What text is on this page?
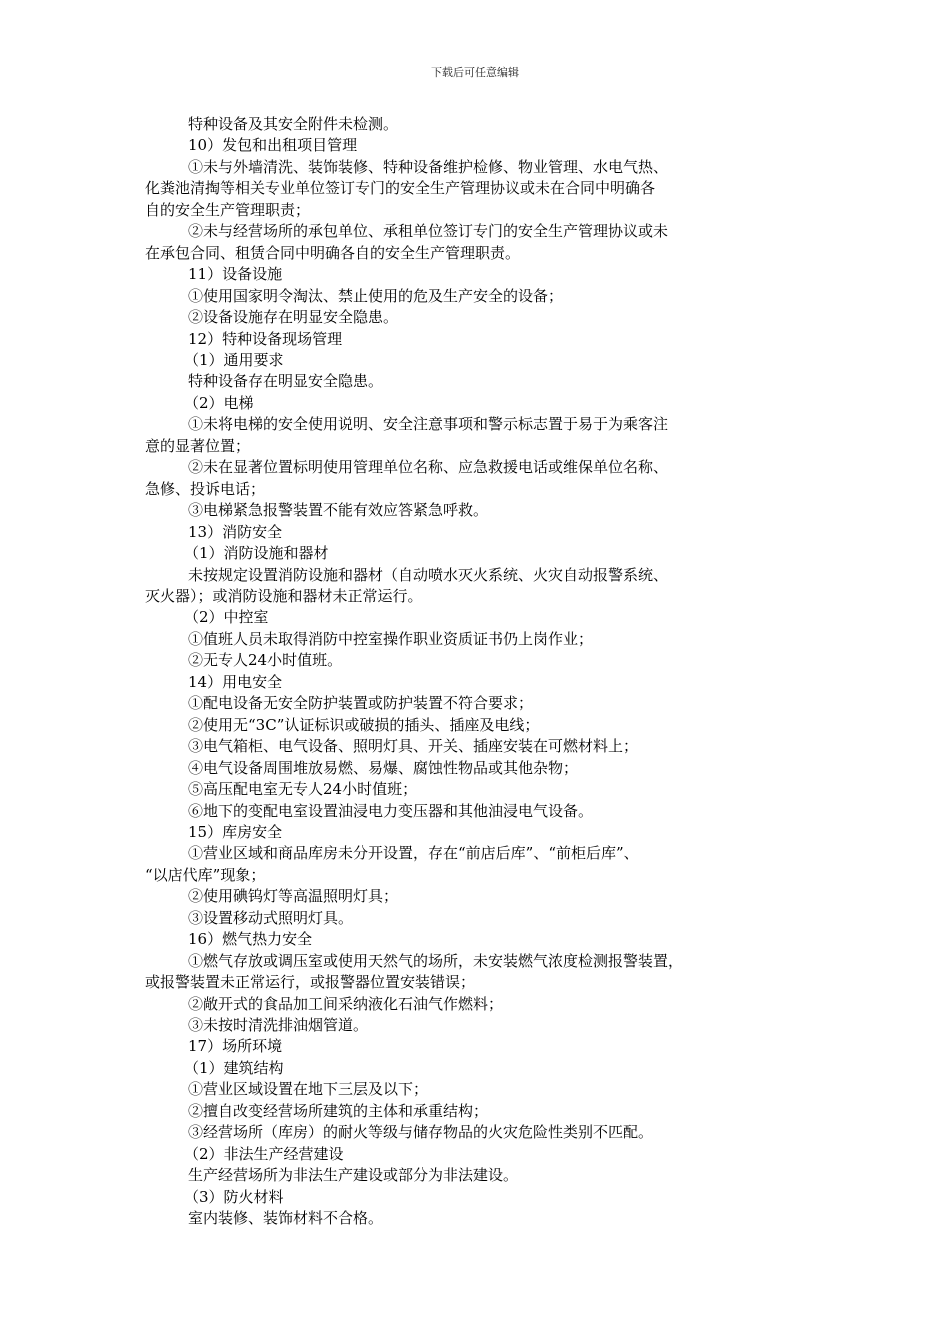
下载后可任意编辑
特种设备及其安全附件未检测。
10）发包和出租项目管理
①未与外墙清洗、装饰装修、特种设备维护检修、物业管理、水电气热、
化粪池清掏等相关专业单位签订专门的安全生产管理协议或未在合同中明确各
自的安全生产管理职责；
②未与经营场所的承包单位、承租单位签订专门的安全生产管理协议或未
在承包合同、租赁合同中明确各自的安全生产管理职责。
11）设备设施
①使用国家明令淘汰、禁止使用的危及生产安全的设备；
②设备设施存在明显安全隐患。
12）特种设备现场管理
（1）通用要求
特种设备存在明显安全隐患。
（2）电梯
①未将电梯的安全使用说明、安全注意事项和警示标志置于易于为乘客注
意的显著位置；
②未在显著位置标明使用管理单位名称、应急救援电话或维保单位名称、
急修、投诉电话；
③电梯紧急报警装置不能有效应答紧急呼救。
13）消防安全
（1）消防设施和器材
未按规定设置消防设施和器材（自动喷水灭火系统、火灾自动报警系统、
灭火器）；或消防设施和器材未正常运行。
（2）中控室
①值班人员未取得消防中控室操作职业资质证书仍上岗作业；
②无专人24小时值班。
14）用电安全
①配电设备无安全防护装置或防护装置不符合要求；
②使用无“3C”认证标识或破损的插头、插座及电线；
③电气箱柜、电气设备、照明灯具、开关、插座安装在可燃材料上；
④电气设备周围堆放易燃、易爆、腐蚀性物品或其他杂物；
⑤高压配电室无专人24小时值班；
⑥地下的变配电室设置油浸电力变压器和其他油浸电气设备。
15）库房安全
①营业区域和商品库房未分开设置，存在“前店后库”、“前柜后库”、
“以店代库”现象；
②使用碘钨灯等高温照明灯具；
③设置移动式照明灯具。
16）燃气热力安全
①燃气存放或调压室或使用天然气的场所，未安装燃气浓度检测报警装置，
或报警装置未正常运行，或报警器位置安装错误；
②敞开式的食品加工间采纳液化石油气作燃料；
③未按时清洗排油烟管道。
17）场所环境
（1）建筑结构
①营业区域设置在地下三层及以下；
②擅自改变经营场所建筑的主体和承重结构；
③经营场所（库房）的耐火等级与储存物品的火灾危险性类别不匹配。
（2）非法生产经营建设
生产经营场所为非法生产建设或部分为非法建设。
（3）防火材料
室内装修、装饰材料不合格。
